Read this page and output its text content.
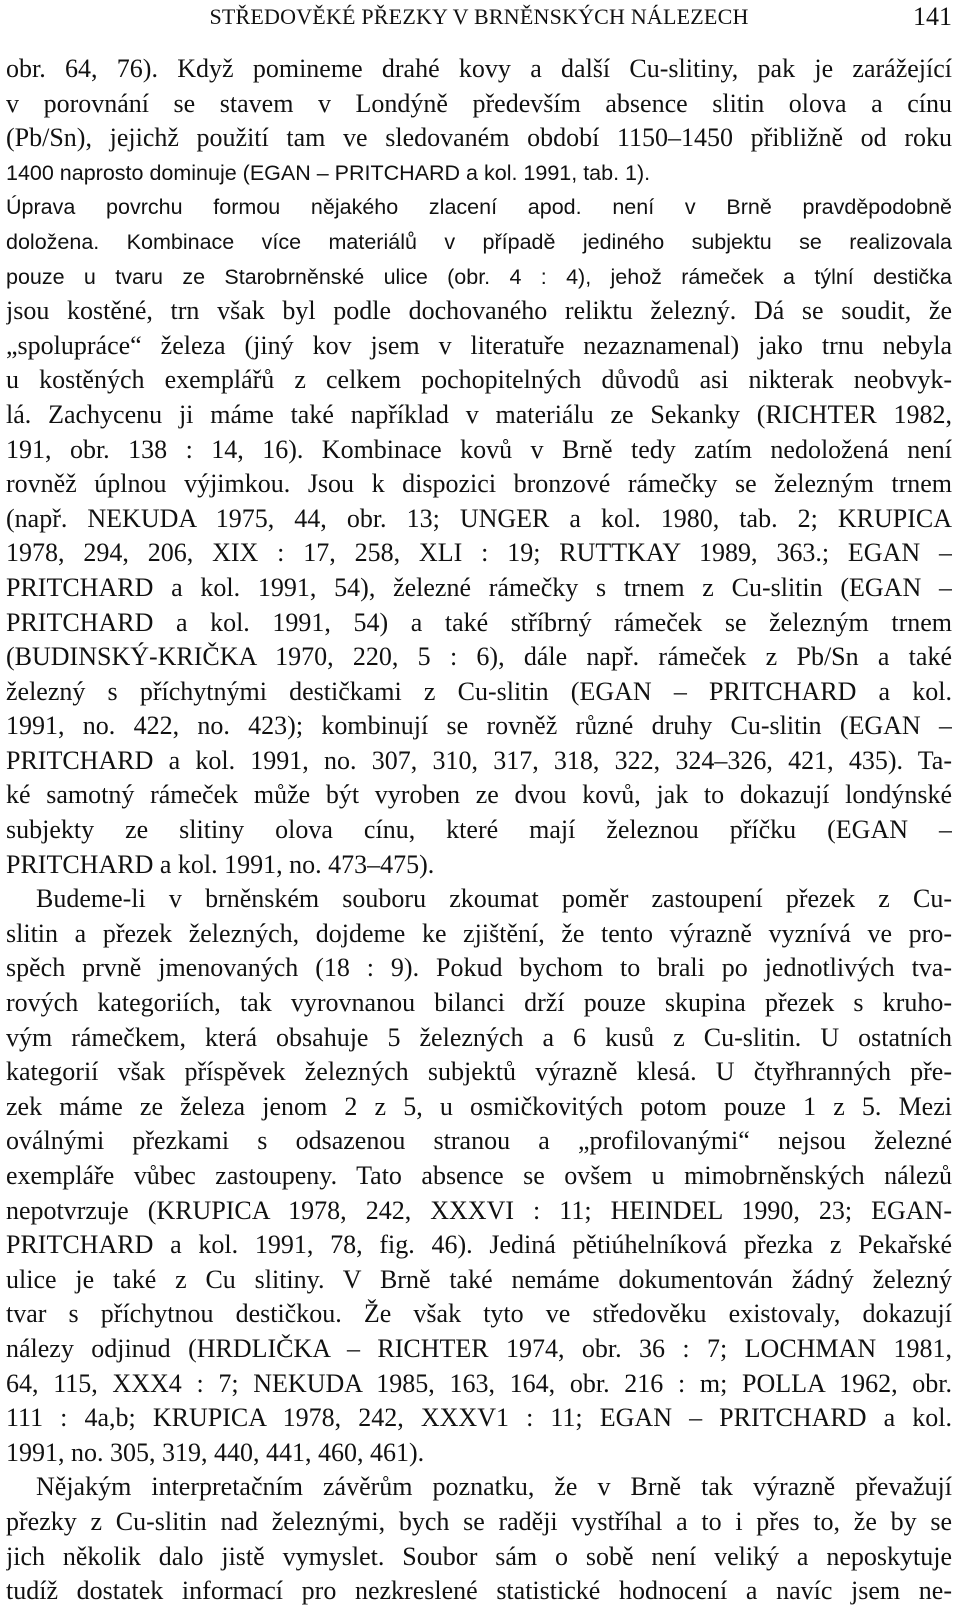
STŘEDOVĚKÉ PŘEZKY V BRNĚNSKÝCH NÁLEZECH	141
obr. 64, 76). Když pomineme drahé kovy a další Cu-slitiny, pak je zarážející
v porovnání se stavem v Londýně především absence slitin olova a cínu
(Pb/Sn), jejichž použití tam ve sledovaném období 1150–1450 přibližně od roku
1400 naprosto dominuje (EGAN – PRITCHARD a kol. 1991, tab. 1).
Úprava povrchu formou nějakého zlacení apod. není v Brně pravděpodobně
doložena. Kombinace více materiálů v případě jediného subjektu se realizovala
pouze u tvaru ze Starobrněnské ulice (obr. 4 : 4), jehož rámeček a týlní destička
jsou kostěné, trn však byl podle dochovaného reliktu železný. Dá se soudit, že
„spolupráce“ železa (jiný kov jsem v literatuře nezaznamenal) jako trnu nebyla
u kostěných exemplářů z celkem pochopitelných důvodů asi nikterak neobvyk-
lá. Zachycenu ji máme také například v materiálu ze Sekanky (RICHTER 1982,
191, obr. 138 : 14, 16). Kombinace kovů v Brně tedy zatím nedoložená není
rovněž úplnou výjimkou. Jsou k dispozici bronzové rámečky se železným trnem
(např. NEKUDA 1975, 44, obr. 13; UNGER a kol. 1980, tab. 2; KRUPICA
1978, 294, 206, XIX : 17, 258, XLI : 19; RUTTKAY 1989, 363.; EGAN –
PRITCHARD a kol. 1991, 54), železné rámečky s trnem z Cu-slitin (EGAN –
PRITCHARD a kol. 1991, 54) a také stříbrný rámeček se železným trnem
(BUDINSKÝ-KRIČKA 1970, 220, 5 : 6), dále např. rámeček z Pb/Sn a také
železný s příchytnými destičkami z Cu-slitin (EGAN – PRITCHARD a kol.
1991, no. 422, no. 423); kombinují se rovněž různé druhy Cu-slitin (EGAN –
PRITCHARD a kol. 1991, no. 307, 310, 317, 318, 322, 324–326, 421, 435). Ta-
ké samotný rámeček může být vyroben ze dvou kovů, jak to dokazují londýnské
subjekty ze slitiny olova cínu, které mají železnou příčku (EGAN –
PRITCHARD a kol. 1991, no. 473–475).
Budeme-li v brněnském souboru zkoumat poměr zastoupení přezek z Cu-
slitin a přezek železných, dojdeme ke zjištění, že tento výrazně vyznívá ve pro-
spěch prvně jmenovaných (18 : 9). Pokud bychom to brali po jednotlivých tva-
rových kategoriích, tak vyrovnanou bilanci drží pouze skupina přezek s kruho-
vým rámečkem, která obsahuje 5 železných a 6 kusů z Cu-slitin. U ostatních
kategorií však příspěvek železných subjektů výrazně klesá. U čtyřhranných pře-
zek máme ze železa jenom 2 z 5, u osmičkovitých potom pouze 1 z 5. Mezi
oválnými přezkami s odsazenou stranou a „profilovanými“ nejsou železné
exempláře vůbec zastoupeny. Tato absence se ovšem u mimobrněnských nálezů
nepotvrzuje (KRUPICA 1978, 242, XXXVI : 11; HEINDEL 1990, 23; EGAN-
PRITCHARD a kol. 1991, 78, fig. 46). Jediná pětiúhelníková přezka z Pekařské
ulice je také z Cu slitiny. V Brně také nemáme dokumentován žádný železný
tvar s příchytnou destičkou. Že však tyto ve středověku existovaly, dokazují
nálezy odjinud (HRDLIČKA – RICHTER 1974, obr. 36 : 7; LOCHMAN 1981,
64, 115, XXX4 : 7; NEKUDA 1985, 163, 164, obr. 216 : m; POLLA 1962, obr.
111 : 4a,b; KRUPICA 1978, 242, XXXV1 : 11; EGAN – PRITCHARD a kol.
1991, no. 305, 319, 440, 441, 460, 461).
Nějakým interpretačním závěrům poznatku, že v Brně tak výrazně převažují
přezky z Cu-slitin nad železnými, bych se raději vystříhal a to i přes to, že by se
jich několik dalo jistě vymyslet. Soubor sám o sobě není veliký a neposkytuje
tudíž dostatek informací pro nezkreslené statistické hodnocení a navíc jsem ne-
